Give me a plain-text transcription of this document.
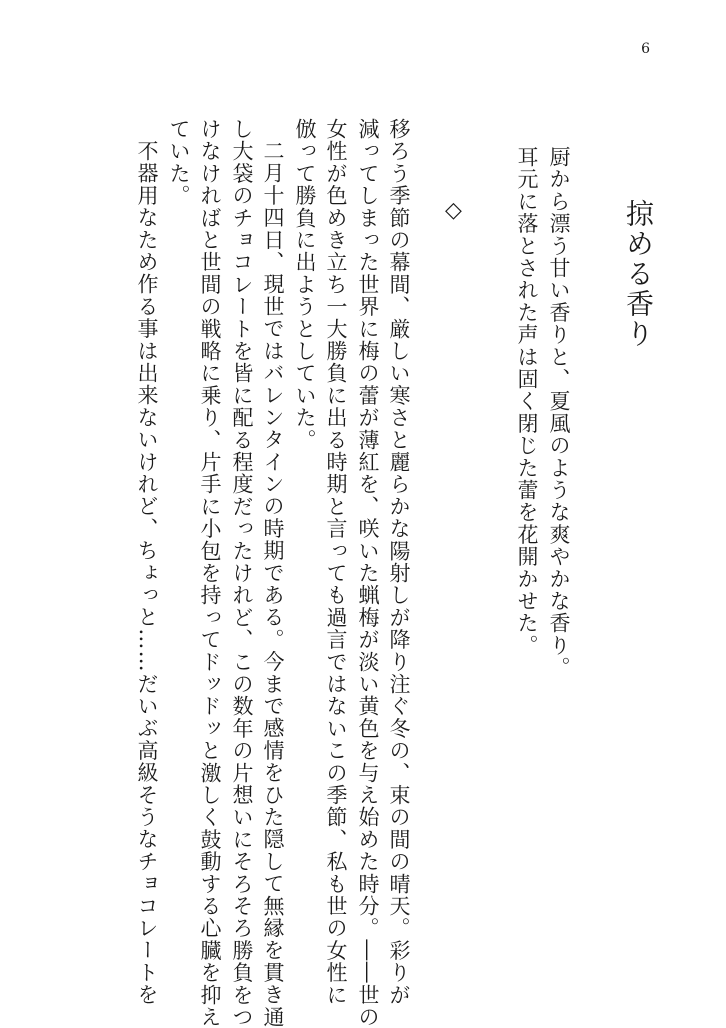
6
掠める香り
厨から漂う甘い香りと、夏風のような爽やかな香り。
耳元に落とされた声は固く閉じた蕾を花開かせた。
◇
移ろう季節の幕間、厳しい寒さと麗らかな陽射しが降り注ぐ冬の、束の間の晴天。彩りが
減ってしまった世界に梅の蕾が薄紅を、咲いた蝋梅が淡い黄色を与え始めた時分。――世の
女性が色めき立ち一大勝負に出る時期と言っても過言ではないこの季節、私も世の女性に
倣って勝負に出ようとしていた。
二月十四日、現世ではバレンタインの時期である。今まで感情をひた隠して無縁を貫き通
し大袋のチョコレートを皆に配る程度だったけれど、この数年の片想いにそろそろ勝負をつ
けなければと世間の戦略に乗り、片手に小包を持ってドッドッと激しく鼓動する心臓を抑え
ていた。
不器用なため作る事は出来ないけれど、ちょっと……だいぶ高級そうなチョコレートを
